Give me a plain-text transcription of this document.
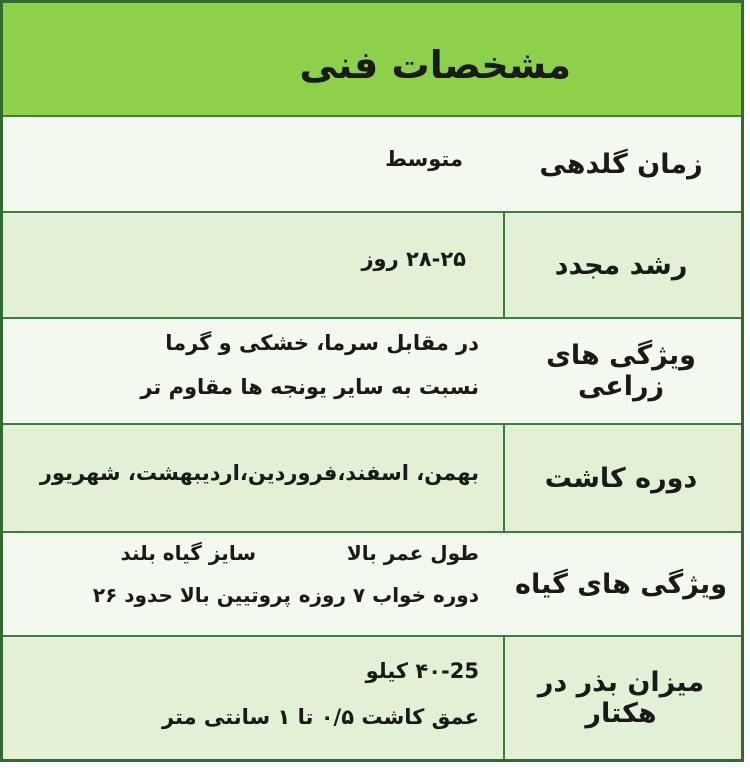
مشخصات فنی
زمان گلدهی
متوسط
رشد مجدد
۲۸-۲۵ روز
ویژگی های زراعی
در مقابل سرما، خشکی و گرما
نسبت به سایر یونجه ها مقاوم تر
دوره کاشت
بهمن، اسفند،فروردین،اردیبهشت، شهریور
ویژگی های گیاه
طول عمر بالا
سایز گیاه بلند
دوره خواب ۷ روزه
پروتیین بالا حدود ۲۶
میزان بذر در هکتار
۴۰-25 کیلو
عمق کاشت ۰/۵ تا ۱ سانتی متر
